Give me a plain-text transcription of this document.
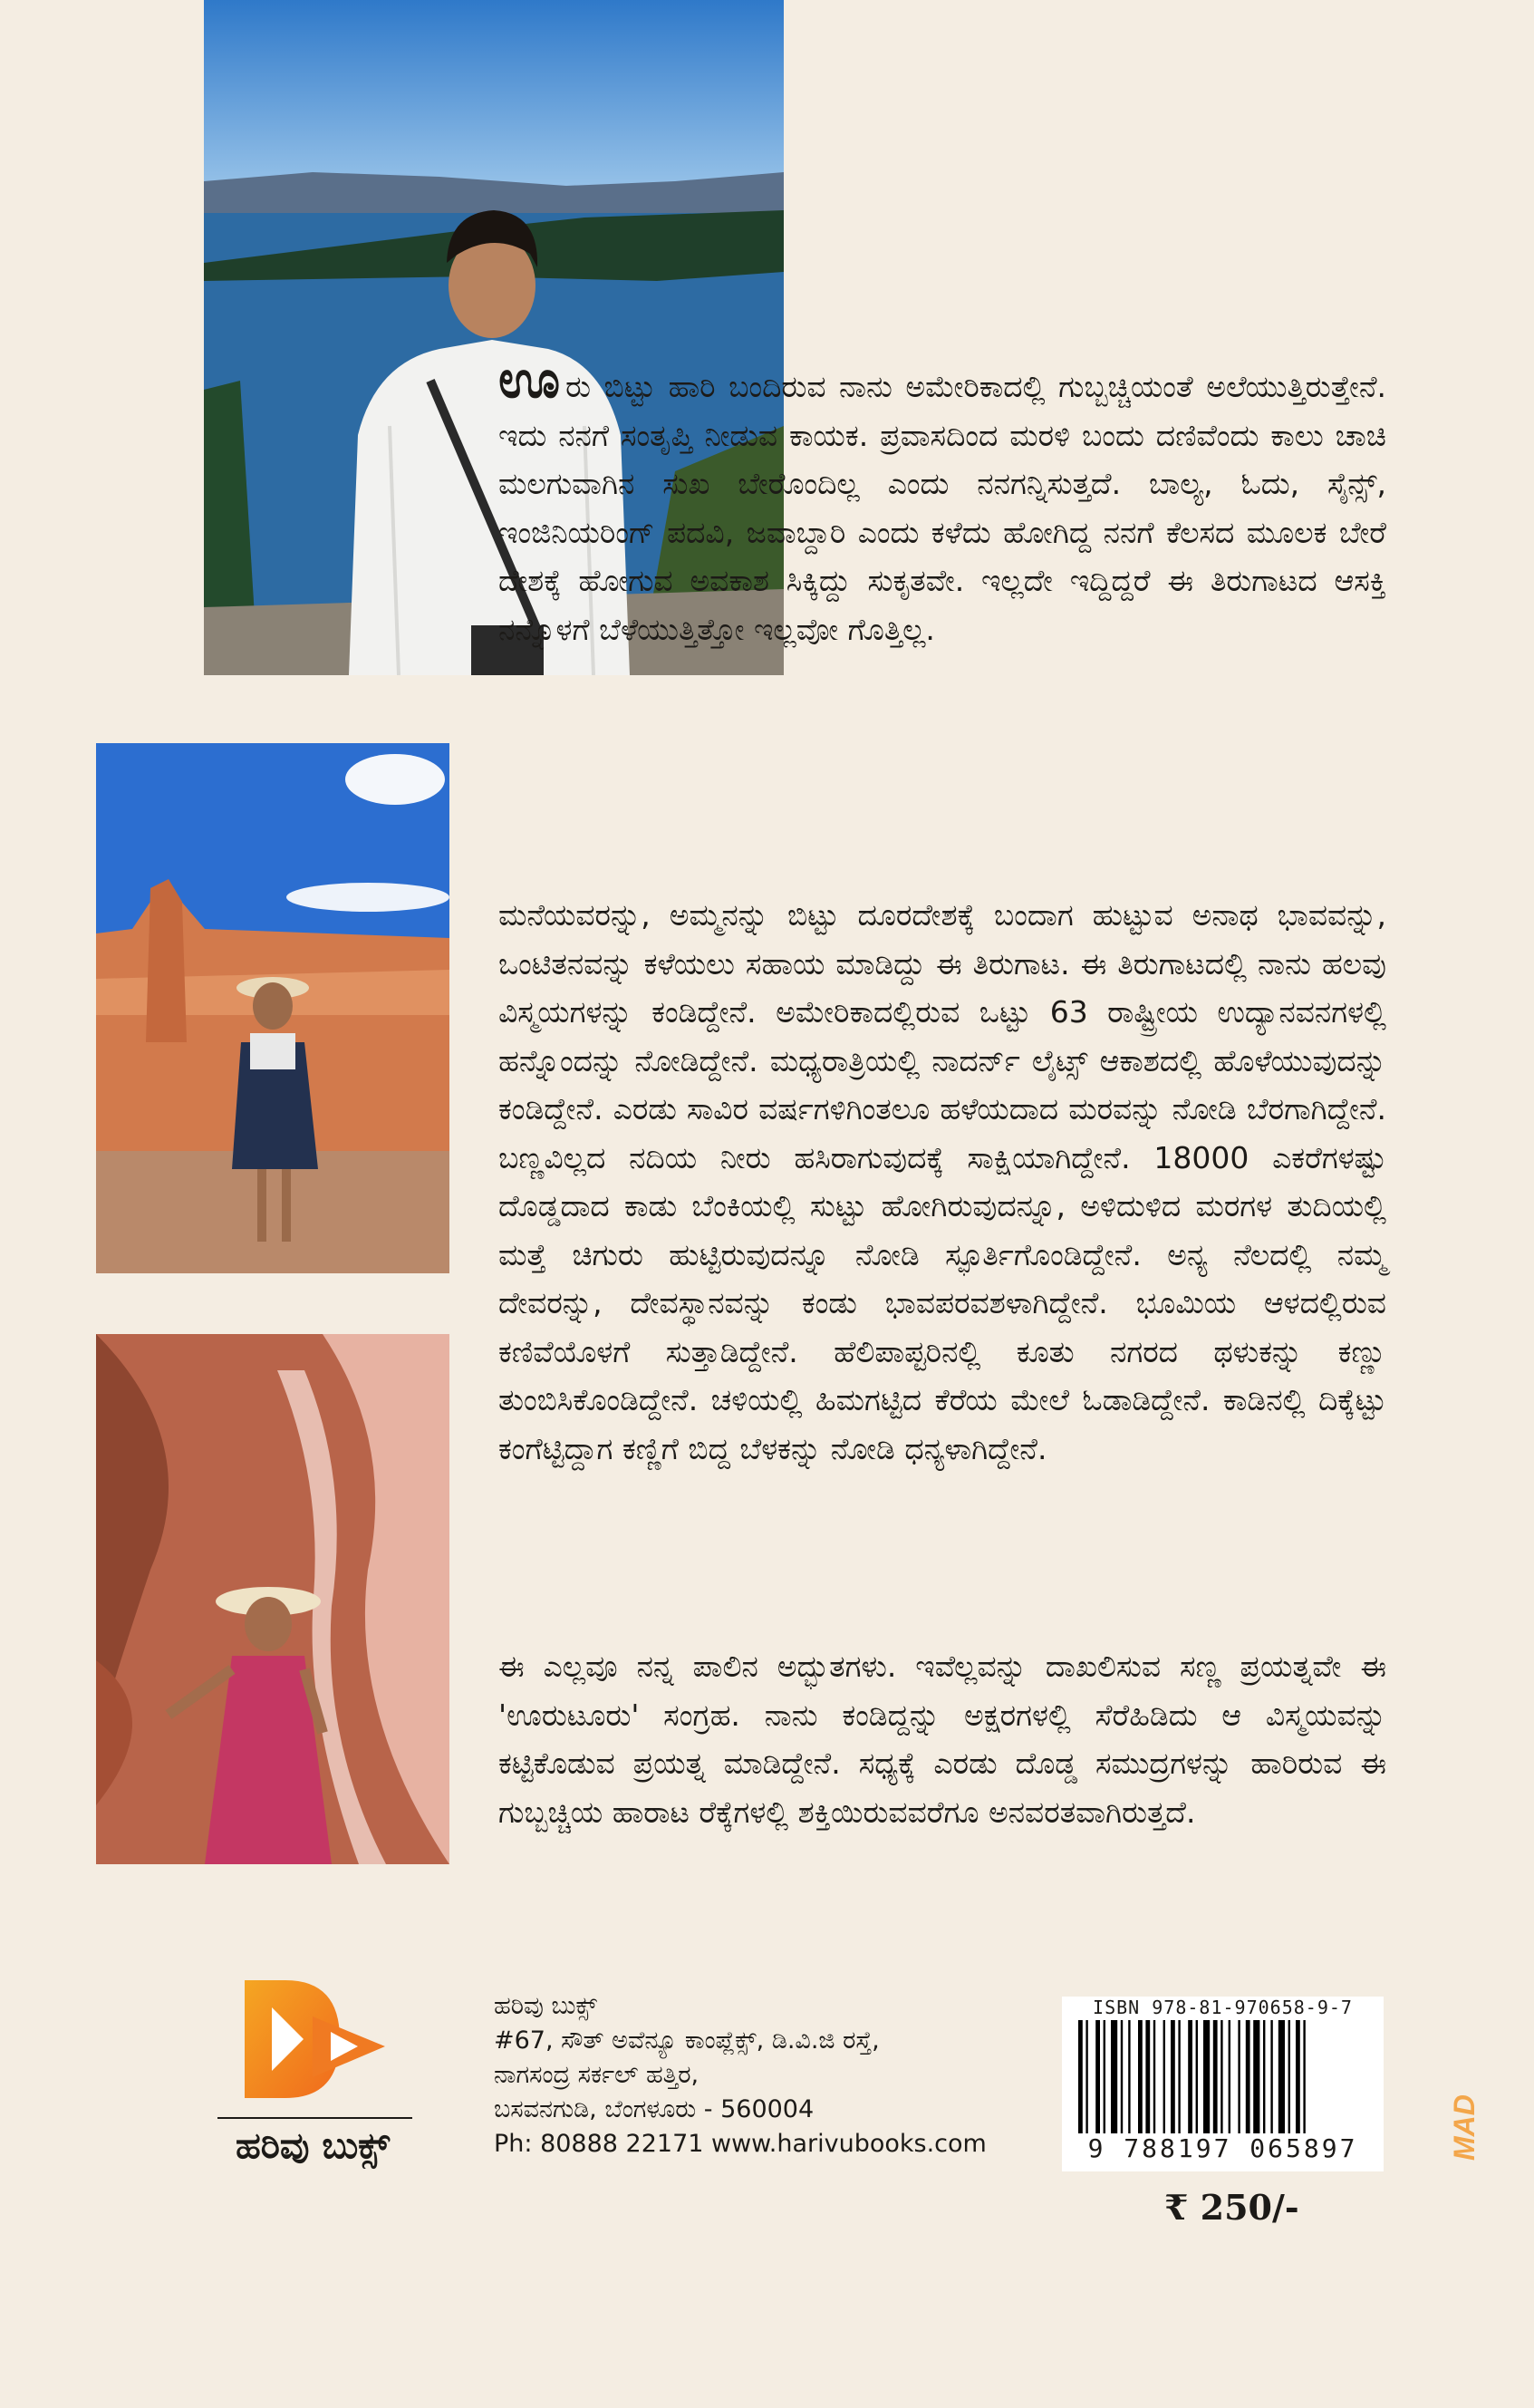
ಊರು ಬಿಟ್ಟು ಹಾರಿ ಬಂದಿರುವ ನಾನು ಅಮೇರಿಕಾದಲ್ಲಿ ಗುಬ್ಬಚ್ಚಿಯಂತೆ ಅಲೆಯುತ್ತಿರುತ್ತೇನೆ. ಇದು ನನಗೆ ಸಂತೃಪ್ತಿ ನೀಡುವ ಕಾಯಕ. ಪ್ರವಾಸದಿಂದ ಮರಳಿ ಬಂದು ದಣಿವೆಂದು ಕಾಲು ಚಾಚಿ ಮಲಗುವಾಗಿನ ಸುಖ ಬೇರೊಂದಿಲ್ಲ ಎಂದು ನನಗನ್ನಿಸುತ್ತದೆ. ಬಾಲ್ಯ, ಓದು, ಸೈನ್ಸ್, ಇಂಜಿನಿಯರಿಂಗ್ ಪದವಿ, ಜವಾಬ್ದಾರಿ ಎಂದು ಕಳೆದು ಹೋಗಿದ್ದ ನನಗೆ ಕೆಲಸದ ಮೂಲಕ ಬೇರೆ ದೇಶಕ್ಕೆ ಹೋಗುವ ಅವಕಾಶ ಸಿಕ್ಕಿದ್ದು ಸುಕೃತವೇ. ಇಲ್ಲದೇ ಇದ್ದಿದ್ದರೆ ಈ ತಿರುಗಾಟದ ಆಸಕ್ತಿ ನನ್ನೊಳಗೆ ಬೆಳೆಯುತ್ತಿತ್ತೋ ಇಲ್ಲವೋ ಗೊತ್ತಿಲ್ಲ.

ಮನೆಯವರನ್ನು, ಅಮ್ಮನನ್ನು ಬಿಟ್ಟು ದೂರದೇಶಕ್ಕೆ ಬಂದಾಗ ಹುಟ್ಟುವ ಅನಾಥ ಭಾವವನ್ನು, ಒಂಟಿತನವನ್ನು ಕಳೆಯಲು ಸಹಾಯ ಮಾಡಿದ್ದು ಈ ತಿರುಗಾಟ. ಈ ತಿರುಗಾಟದಲ್ಲಿ ನಾನು ಹಲವು ವಿಸ್ಮಯಗಳನ್ನು ಕಂಡಿದ್ದೇನೆ. ಅಮೇರಿಕಾದಲ್ಲಿರುವ ಒಟ್ಟು 63 ರಾಷ್ಟ್ರೀಯ ಉದ್ಯಾನವನಗಳಲ್ಲಿ ಹನ್ನೊಂದನ್ನು ನೋಡಿದ್ದೇನೆ. ಮಧ್ಯರಾತ್ರಿಯಲ್ಲಿ ನಾದರ್ನ್ ಲೈಟ್ಸ್ ಆಕಾಶದಲ್ಲಿ ಹೊಳೆಯುವುದನ್ನು ಕಂಡಿದ್ದೇನೆ. ಎರಡು ಸಾವಿರ ವರ್ಷಗಳಿಗಿಂತಲೂ ಹಳೆಯದಾದ ಮರವನ್ನು ನೋಡಿ ಬೆರಗಾಗಿದ್ದೇನೆ. ಬಣ್ಣವಿಲ್ಲದ ನದಿಯ ನೀರು ಹಸಿರಾಗುವುದಕ್ಕೆ ಸಾಕ್ಷಿಯಾಗಿದ್ದೇನೆ. 18000 ಎಕರೆಗಳಷ್ಟು ದೊಡ್ಡದಾದ ಕಾಡು ಬೆಂಕಿಯಲ್ಲಿ ಸುಟ್ಟು ಹೋಗಿರುವುದನ್ನೂ, ಅಳಿದುಳಿದ ಮರಗಳ ತುದಿಯಲ್ಲಿ ಮತ್ತೆ ಚಿಗುರು ಹುಟ್ಟಿರುವುದನ್ನೂ ನೋಡಿ ಸ್ಫೂರ್ತಿಗೊಂಡಿದ್ದೇನೆ. ಅನ್ಯ ನೆಲದಲ್ಲಿ ನಮ್ಮ ದೇವರನ್ನು, ದೇವಸ್ಥಾನವನ್ನು ಕಂಡು ಭಾವಪರವಶಳಾಗಿದ್ದೇನೆ. ಭೂಮಿಯ ಆಳದಲ್ಲಿರುವ ಕಣಿವೆಯೊಳಗೆ ಸುತ್ತಾಡಿದ್ದೇನೆ. ಹೆಲಿಪಾಪ್ಟರಿನಲ್ಲಿ ಕೂತು ನಗರದ ಥಳುಕನ್ನು ಕಣ್ಣು ತುಂಬಿಸಿಕೊಂಡಿದ್ದೇನೆ. ಚಳಿಯಲ್ಲಿ ಹಿಮಗಟ್ಟಿದ ಕೆರೆಯ ಮೇಲೆ ಓಡಾಡಿದ್ದೇನೆ. ಕಾಡಿನಲ್ಲಿ ದಿಕ್ಕೆಟ್ಟು ಕಂಗೆಟ್ಟಿದ್ದಾಗ ಕಣ್ಣಿಗೆ ಬಿದ್ದ ಬೆಳಕನ್ನು ನೋಡಿ ಧನ್ಯಳಾಗಿದ್ದೇನೆ.

ಈ ಎಲ್ಲವೂ ನನ್ನ ಪಾಲಿನ ಅದ್ಭುತಗಳು. ಇವೆಲ್ಲವನ್ನು ದಾಖಲಿಸುವ ಸಣ್ಣ ಪ್ರಯತ್ನವೇ ಈ 'ಊರುಟೂರು' ಸಂಗ್ರಹ. ನಾನು ಕಂಡಿದ್ದನ್ನು ಅಕ್ಷರಗಳಲ್ಲಿ ಸೆರೆಹಿಡಿದು ಆ ವಿಸ್ಮಯವನ್ನು ಕಟ್ಟಿಕೊಡುವ ಪ್ರಯತ್ನ ಮಾಡಿದ್ದೇನೆ. ಸಧ್ಯಕ್ಕೆ ಎರಡು ದೊಡ್ಡ ಸಮುದ್ರಗಳನ್ನು ಹಾರಿರುವ ಈ ಗುಬ್ಬಚ್ಚಿಯ ಹಾರಾಟ ರೆಕ್ಕೆಗಳಲ್ಲಿ ಶಕ್ತಿಯಿರುವವರೆಗೂ ಅನವರತವಾಗಿರುತ್ತದೆ.

ಹರಿವು ಬುಕ್ಸ್
ಹರಿವು ಬುಕ್ಸ್
#67, ಸೌತ್ ಅವೆನ್ಯೂ ಕಾಂಪ್ಲೆಕ್ಸ್, ಡಿ.ವಿ.ಜಿ ರಸ್ತೆ,
ನಾಗಸಂದ್ರ ಸರ್ಕಲ್ ಹತ್ತಿರ,
ಬಸವನಗುಡಿ, ಬೆಂಗಳೂರು - 560004
Ph: 80888 22171 www.harivubooks.com
ISBN 978-81-970658-9-7
9 788197 065897
₹ 250/-
MAD
